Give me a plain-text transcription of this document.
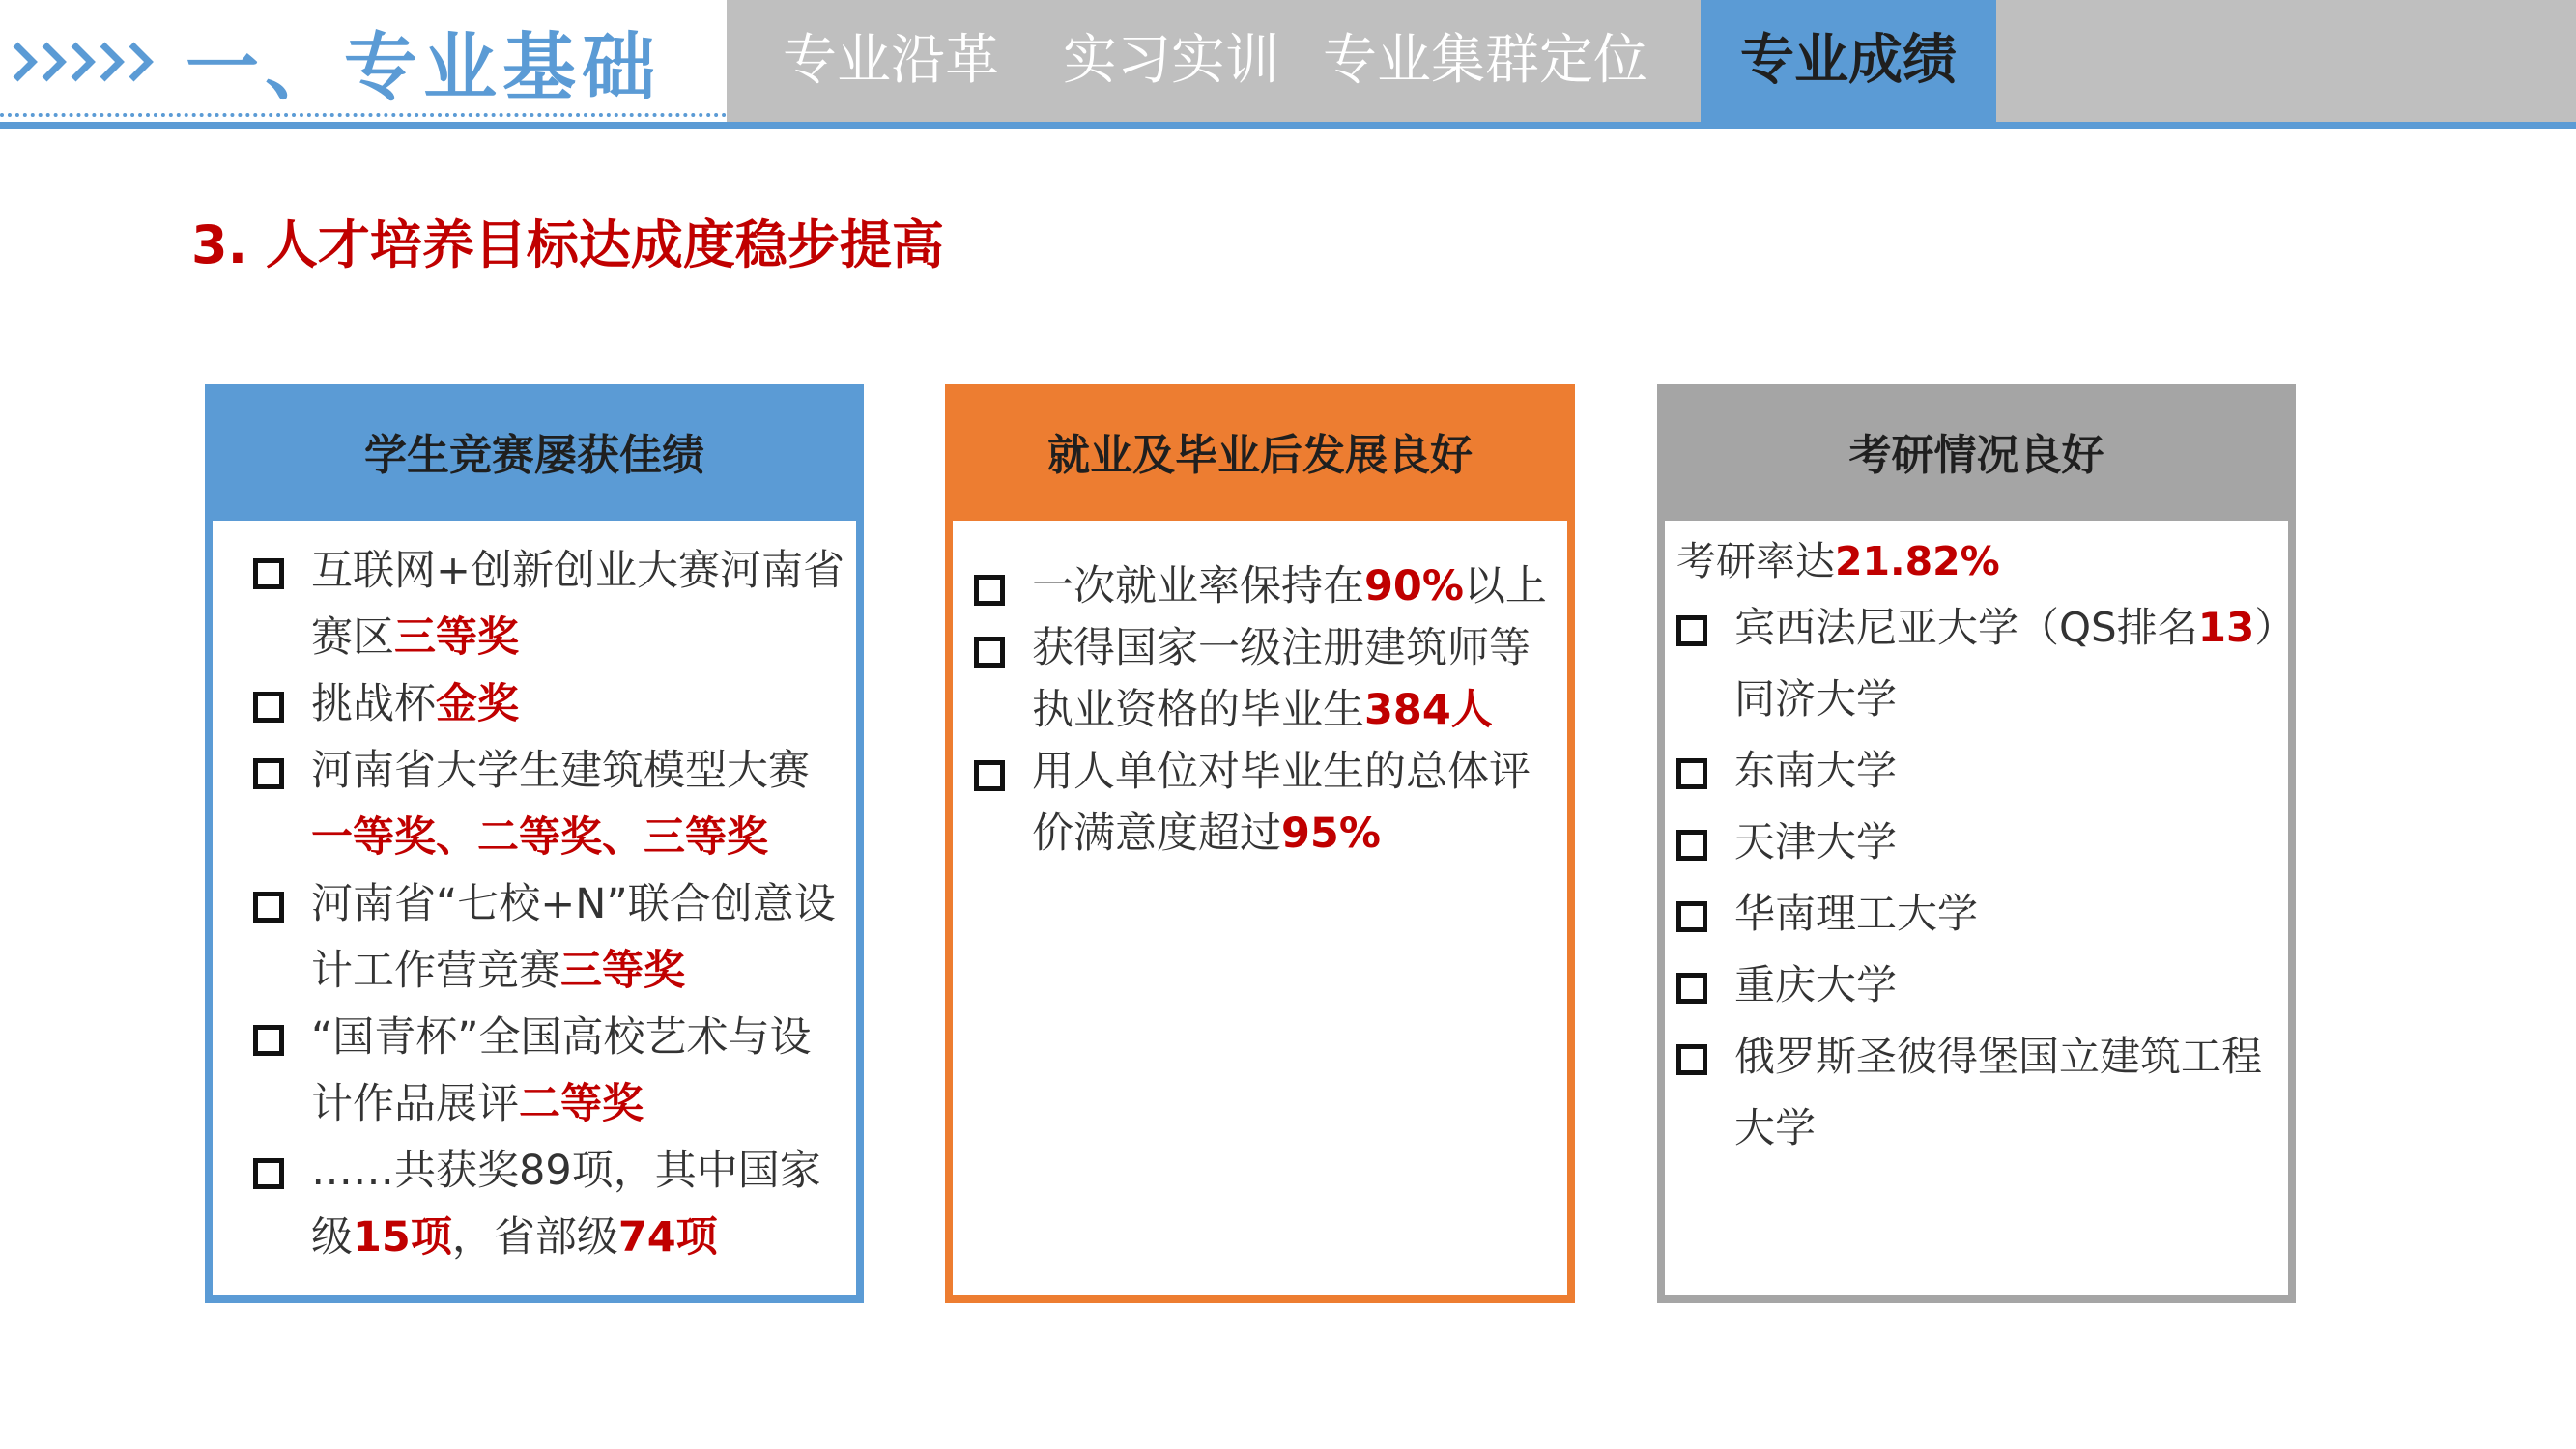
一、专业基础	专业沿革	实习实训 专业集群定位	专业成绩
3. 人才培养目标达成度稳步提高
学生竞赛屡获佳绩
互联网+创新创业大赛河南省赛区三等奖
挑战杯金奖
河南省大学生建筑模型大赛
一等奖、二等奖、三等奖
河南省“七校+N”联合创意设计工作营竞赛三等奖
“国青杯”全国高校艺术与设计作品展评二等奖
……共获奖89项，其中国家级15项，省部级74项
就业及毕业后发展良好
一次就业率保持在90%以上
获得国家一级注册建筑师等执业资格的毕业生384人
用人单位对毕业生的总体评价满意度超过95%
考研情况良好
考研率达21.82%
宾西法尼亚大学（QS排名13）同济大学
东南大学
天津大学
华南理工大学
重庆大学
俄罗斯圣彼得堡国立建筑工程大学
